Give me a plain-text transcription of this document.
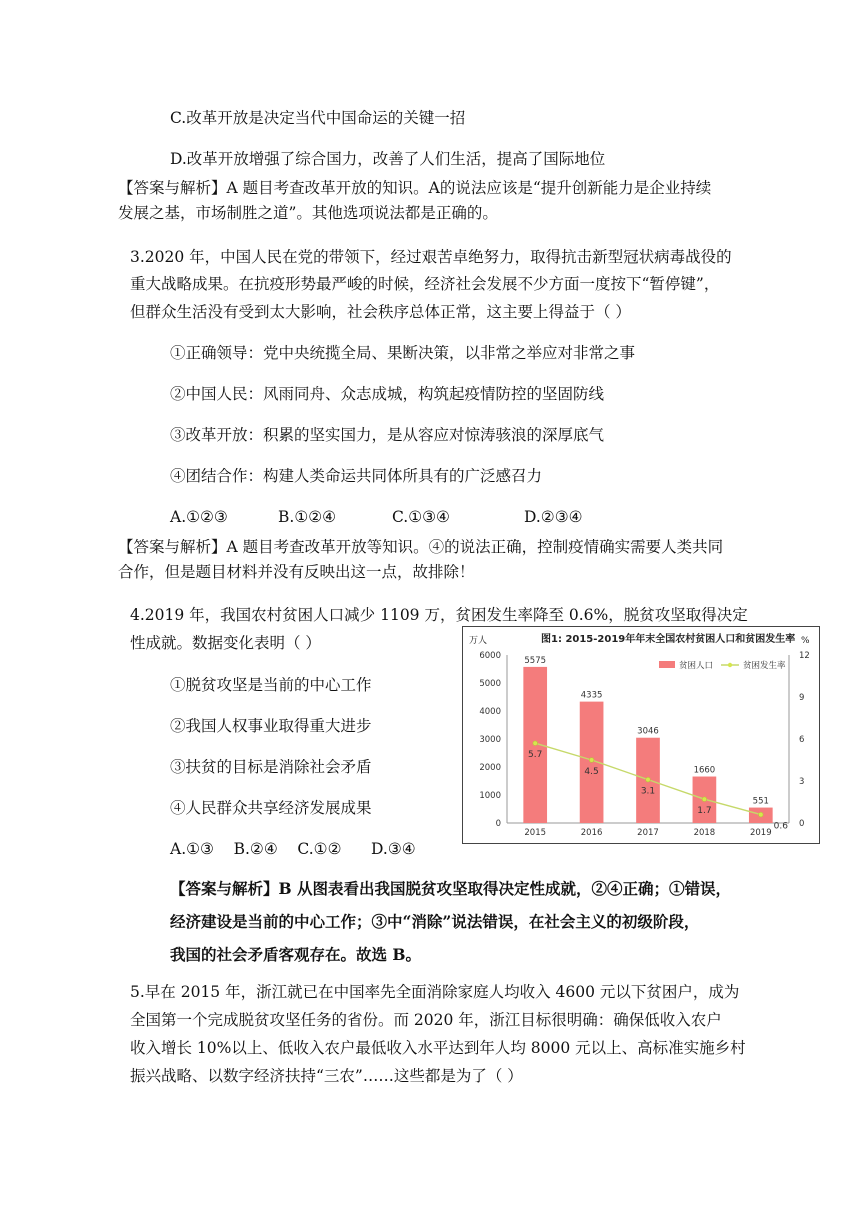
C.改革开放是决定当代中国命运的关键一招
D.改革开放增强了综合国力，改善了人们生活，提高了国际地位
【答案与解析】A 题目考查改革开放的知识。A的说法应该是“提升创新能力是企业持续
发展之基，市场制胜之道”。其他选项说法都是正确的。
3.2020 年，中国人民在党的带领下，经过艰苦卓绝努力，取得抗击新型冠状病毒战役的
重大战略成果。在抗疫形势最严峻的时候，经济社会发展不少方面一度按下“暂停键”，
但群众生活没有受到太大影响，社会秩序总体正常，这主要上得益于（ ）
①正确领导：党中央统揽全局、果断决策，以非常之举应对非常之事
②中国人民：风雨同舟、众志成城，构筑起疫情防控的坚固防线
③改革开放：积累的坚实国力，是从容应对惊涛骇浪的深厚底气
④团结合作：构建人类命运共同体所具有的广泛感召力
A.①②③	B.①②④	C.①③④	D.②③④
【答案与解析】A 题目考查改革开放等知识。④的说法正确，控制疫情确实需要人类共同
合作，但是题目材料并没有反映出这一点，故排除！
4.2019 年，我国农村贫困人口减少 1109 万，贫困发生率降至 0.6%，脱贫攻坚取得决定
性成就。数据变化表明（ ）
①脱贫攻坚是当前的中心工作
②我国人权事业取得重大进步
③扶贫的目标是消除社会矛盾
④人民群众共享经济发展成果
A.①③    B.②④    C.①②      D.③④
图1: 2015-2019年年末全国农村贫困人口和贫困发生率
万人	%
0
1000
2000
3000
4000
5000
6000
0
3
6
9
12
5575
4335
3046
1660
551
5.7
4.5
3.1
1.7
0.6
2015	2016	2017	2018	2019
贫困人口	贫困发生率
【答案与解析】B 从图表看出我国脱贫攻坚取得决定性成就，②④正确；①错误，
经济建设是当前的中心工作；③中“消除”说法错误，在社会主义的初级阶段，
我国的社会矛盾客观存在。故选 B。
5.早在 2015 年，浙江就已在中国率先全面消除家庭人均收入 4600 元以下贫困户，成为
全国第一个完成脱贫攻坚任务的省份。而 2020 年，浙江目标很明确：确保低收入农户
收入增长 10%以上、低收入农户最低收入水平达到年人均 8000 元以上、高标准实施乡村
振兴战略、以数字经济扶持“三农”……这些都是为了（ ）
